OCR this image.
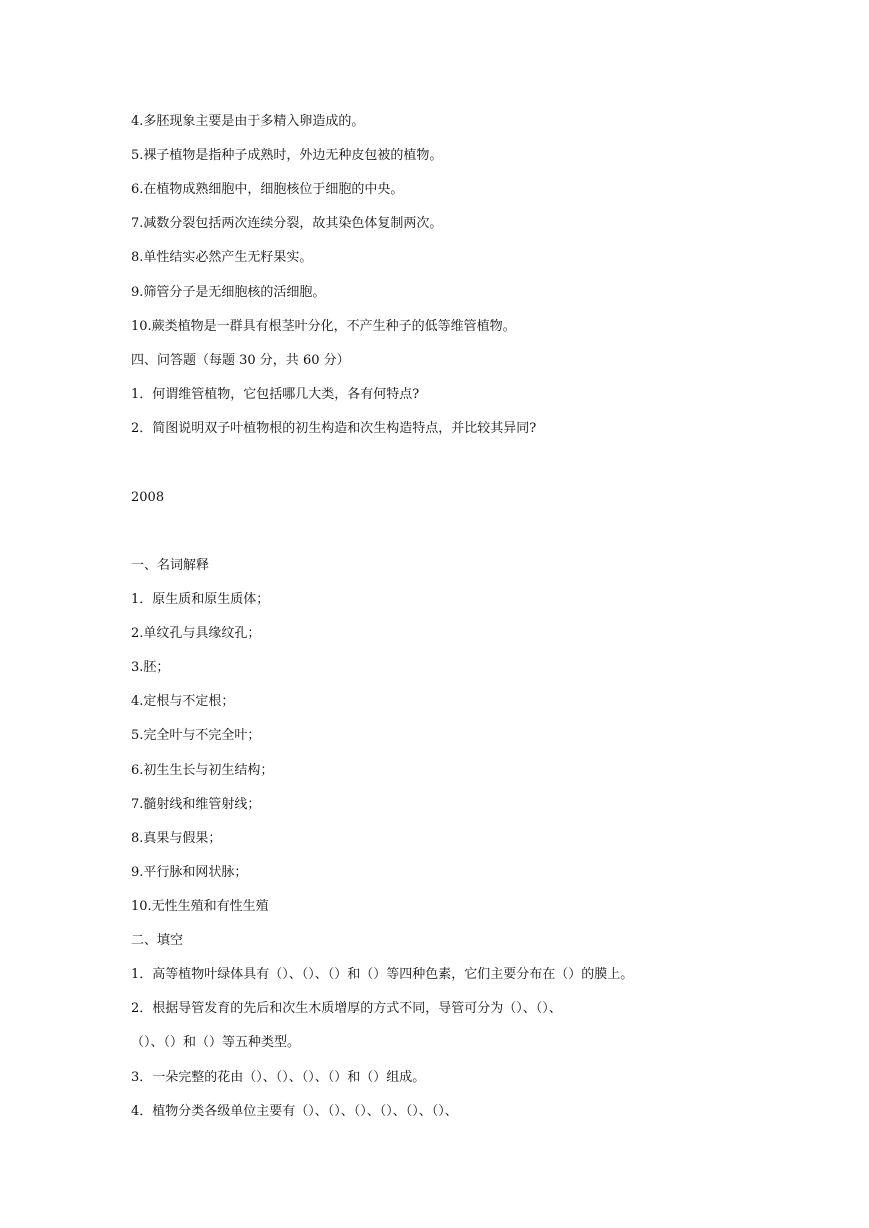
4.多胚现象主要是由于多精入卵造成的。
5.裸子植物是指种子成熟时，外边无种皮包被的植物。
6.在植物成熟细胞中，细胞核位于细胞的中央。
7.减数分裂包括两次连续分裂，故其染色体复制两次。
8.单性结实必然产生无籽果实。
9.筛管分子是无细胞核的活细胞。
10.蕨类植物是一群具有根茎叶分化，不产生种子的低等维管植物。
四、问答题（每题 30 分，共 60 分）
1．何谓维管植物，它包括哪几大类，各有何特点?
2．简图说明双子叶植物根的初生构造和次生构造特点，并比较其异同?
2008
一、名词解释
1．原生质和原生质体；
2.单纹孔与具缘纹孔；
3.胚；
4.定根与不定根；
5.完全叶与不完全叶；
6.初生生长与初生结构；
7.髓射线和维管射线；
8.真果与假果；
9.平行脉和网状脉；
10.无性生殖和有性生殖
二、填空
1．高等植物叶绿体具有（）、（）、（）和（）等四种色素，它们主要分布在（）的膜上。
2．根据导管发育的先后和次生木质增厚的方式不同，导管可分为（）、（）、
（）、（）和（）等五种类型。
3．一朵完整的花由（）、（）、（）、（）和（）组成。
4．植物分类各级单位主要有（）、（）、（）、（）、（）、（）、
